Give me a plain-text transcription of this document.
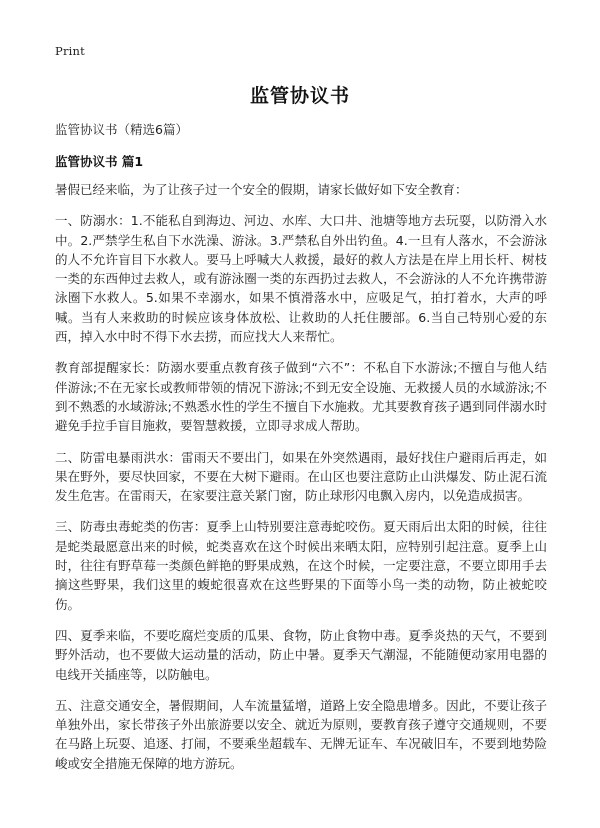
Print
监管协议书
监管协议书（精选6篇）
监管协议书 篇1

暑假已经来临，为了让孩子过一个安全的假期，请家长做好如下安全教育：

一、防溺水：1.不能私自到海边、河边、水库、大口井、池塘等地方去玩耍，以防滑入水中。2.严禁学生私自下水洗澡、游泳。3.严禁私自外出钓鱼。4.一旦有人落水，不会游泳的人不允许盲目下水救人。要马上呼喊大人救援，最好的救人方法是在岸上用长杆、树枝一类的东西伸过去救人，或有游泳圈一类的东西扔过去救人，不会游泳的人不允许携带游泳圈下水救人。5.如果不幸溺水，如果不慎滑落水中，应吸足气，拍打着水，大声的呼喊。当有人来救助的时候应该身体放松、让救助的人托住腰部。6.当自己特别心爱的东西，掉入水中时不得下水去捞，而应找大人来帮忙。

教育部提醒家长：防溺水要重点教育孩子做到“六不”：不私自下水游泳;不擅自与他人结伴游泳;不在无家长或教师带领的情况下游泳;不到无安全设施、无救援人员的水域游泳;不到不熟悉的水域游泳;不熟悉水性的学生不擅自下水施救。尤其要教育孩子遇到同伴溺水时避免手拉手盲目施救，要智慧救援，立即寻求成人帮助。

二、防雷电暴雨洪水：雷雨天不要出门，如果在外突然遇雨，最好找住户避雨后再走，如果在野外，要尽快回家，不要在大树下避雨。在山区也要注意防止山洪爆发、防止泥石流发生危害。在雷雨天，在家要注意关紧门窗，防止球形闪电飘入房内，以免造成损害。

三、防毒虫毒蛇类的伤害：夏季上山特别要注意毒蛇咬伤。夏天雨后出太阳的时候，往往是蛇类最愿意出来的时候，蛇类喜欢在这个时候出来晒太阳，应特别引起注意。夏季上山时，往往有野草莓一类颜色鲜艳的野果成熟，在这个时候，一定要注意，不要立即用手去摘这些野果，我们这里的蝮蛇很喜欢在这些野果的下面等小鸟一类的动物，防止被蛇咬伤。

四、夏季来临，不要吃腐烂变质的瓜果、食物，防止食物中毒。夏季炎热的天气，不要到野外活动，也不要做大运动量的活动，防止中暑。夏季天气潮湿，不能随便动家用电器的电线开关插座等，以防触电。

五、注意交通安全，暑假期间，人车流量猛增，道路上安全隐患增多。因此，不要让孩子单独外出，家长带孩子外出旅游要以安全、就近为原则，要教育孩子遵守交通规则，不要在马路上玩耍、追逐、打闹，不要乘坐超载车、无牌无证车、车况破旧车，不要到地势险峻或安全措施无保障的地方游玩。
